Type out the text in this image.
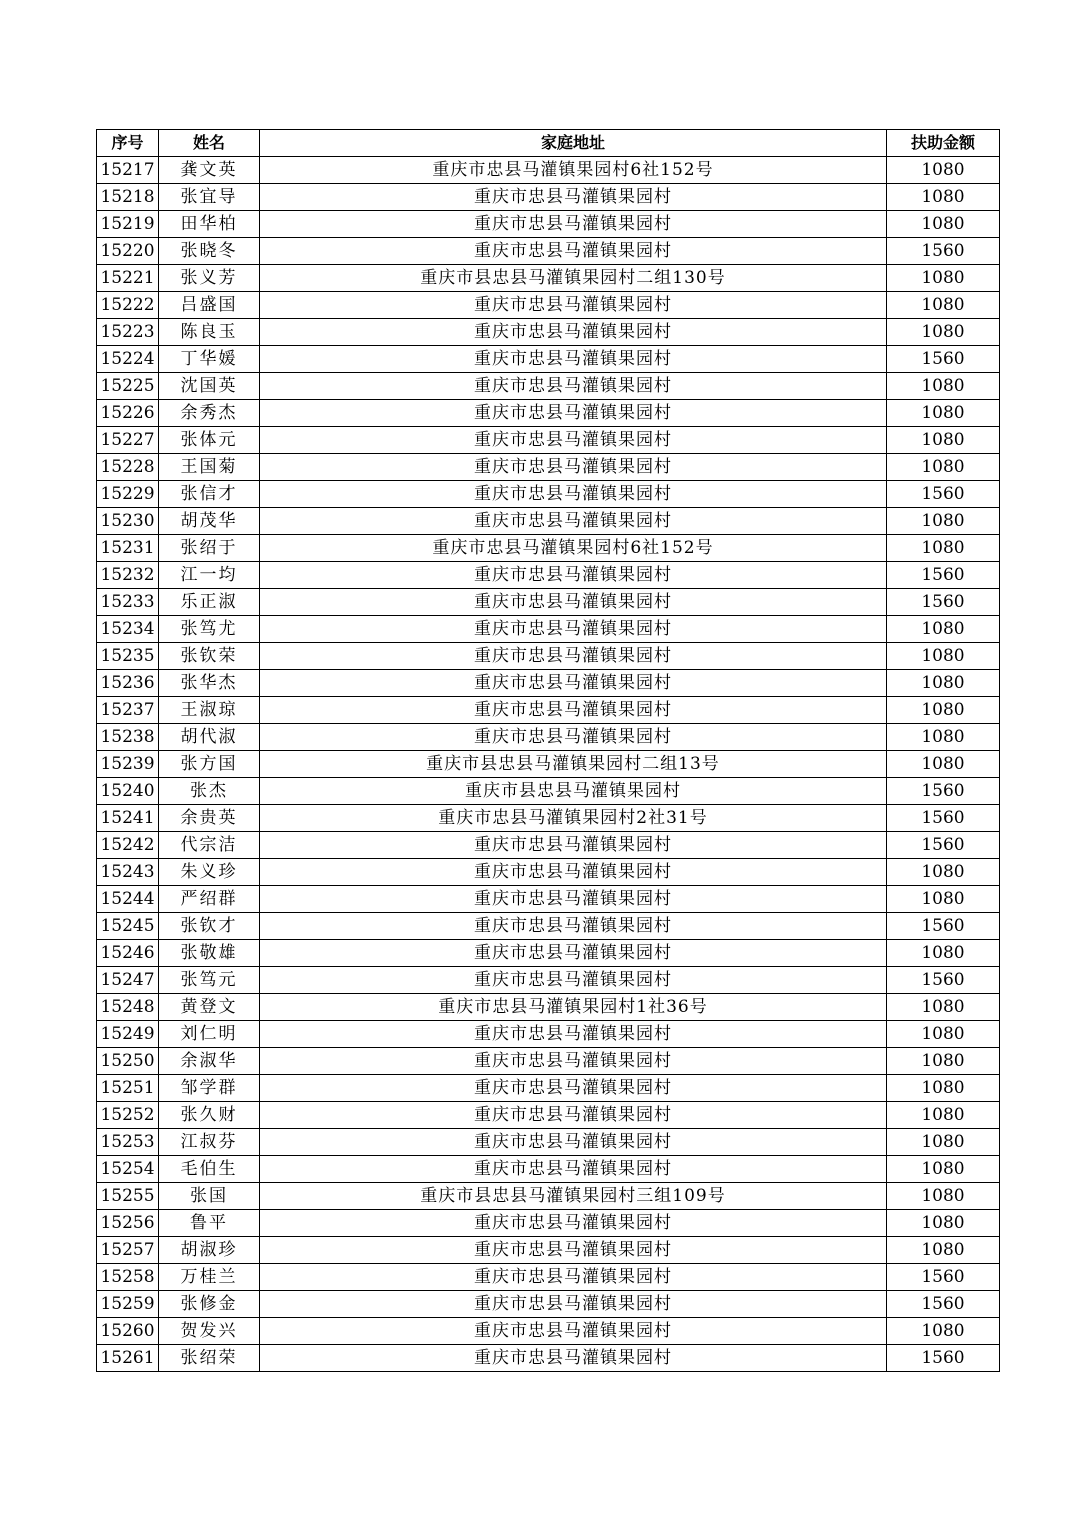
序号	姓名	家庭地址	扶助金额
15217	龚文英	重庆市忠县马灌镇果园村6社152号	1080
15218	张宜导	重庆市忠县马灌镇果园村	1080
15219	田华柏	重庆市忠县马灌镇果园村	1080
15220	张晓冬	重庆市忠县马灌镇果园村	1560
15221	张义芳	重庆市县忠县马灌镇果园村二组130号	1080
15222	吕盛国	重庆市忠县马灌镇果园村	1080
15223	陈良玉	重庆市忠县马灌镇果园村	1080
15224	丁华媛	重庆市忠县马灌镇果园村	1560
15225	沈国英	重庆市忠县马灌镇果园村	1080
15226	余秀杰	重庆市忠县马灌镇果园村	1080
15227	张体元	重庆市忠县马灌镇果园村	1080
15228	王国菊	重庆市忠县马灌镇果园村	1080
15229	张信才	重庆市忠县马灌镇果园村	1560
15230	胡茂华	重庆市忠县马灌镇果园村	1080
15231	张绍于	重庆市忠县马灌镇果园村6社152号	1080
15232	江一均	重庆市忠县马灌镇果园村	1560
15233	乐正淑	重庆市忠县马灌镇果园村	1560
15234	张笃尤	重庆市忠县马灌镇果园村	1080
15235	张钦荣	重庆市忠县马灌镇果园村	1080
15236	张华杰	重庆市忠县马灌镇果园村	1080
15237	王淑琼	重庆市忠县马灌镇果园村	1080
15238	胡代淑	重庆市忠县马灌镇果园村	1080
15239	张方国	重庆市县忠县马灌镇果园村二组13号	1080
15240	张杰	重庆市县忠县马灌镇果园村	1560
15241	余贵英	重庆市忠县马灌镇果园村2社31号	1560
15242	代宗洁	重庆市忠县马灌镇果园村	1560
15243	朱义珍	重庆市忠县马灌镇果园村	1080
15244	严绍群	重庆市忠县马灌镇果园村	1080
15245	张钦才	重庆市忠县马灌镇果园村	1560
15246	张敬雄	重庆市忠县马灌镇果园村	1080
15247	张笃元	重庆市忠县马灌镇果园村	1560
15248	黄登文	重庆市忠县马灌镇果园村1社36号	1080
15249	刘仁明	重庆市忠县马灌镇果园村	1080
15250	余淑华	重庆市忠县马灌镇果园村	1080
15251	邹学群	重庆市忠县马灌镇果园村	1080
15252	张久财	重庆市忠县马灌镇果园村	1080
15253	江叔芬	重庆市忠县马灌镇果园村	1080
15254	毛伯生	重庆市忠县马灌镇果园村	1080
15255	张国	重庆市县忠县马灌镇果园村三组109号	1080
15256	鲁平	重庆市忠县马灌镇果园村	1080
15257	胡淑珍	重庆市忠县马灌镇果园村	1080
15258	万桂兰	重庆市忠县马灌镇果园村	1560
15259	张修金	重庆市忠县马灌镇果园村	1560
15260	贺发兴	重庆市忠县马灌镇果园村	1080
15261	张绍荣	重庆市忠县马灌镇果园村	1560
